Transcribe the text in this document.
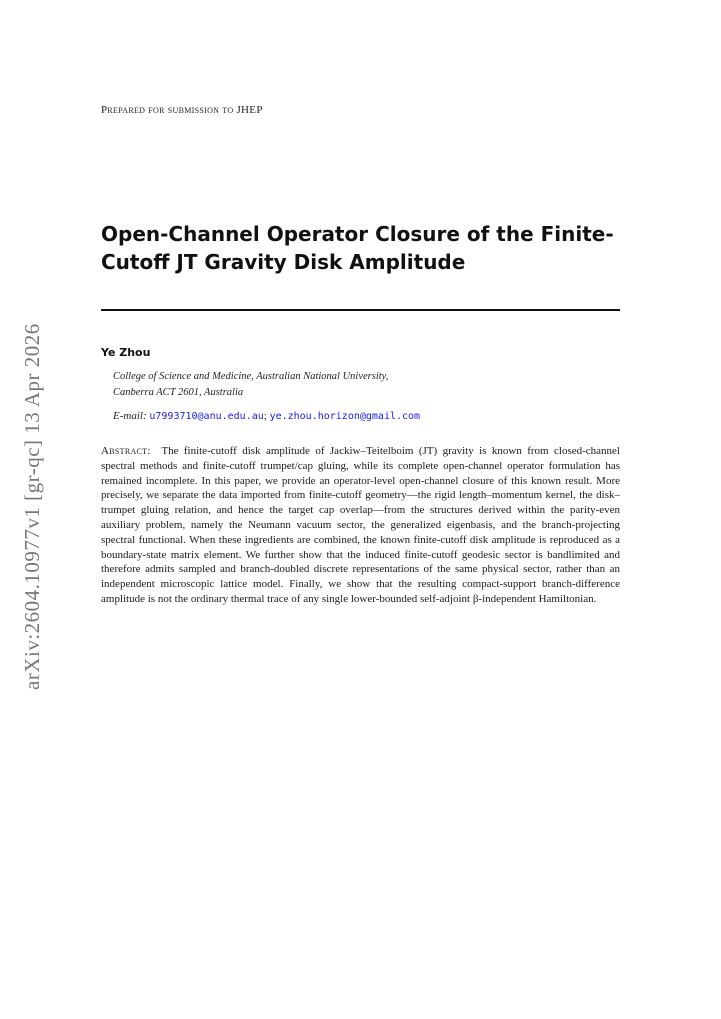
Prepared for submission to JHEP
Open-Channel Operator Closure of the Finite-Cutoff JT Gravity Disk Amplitude
Ye Zhou
College of Science and Medicine, Australian National University,
Canberra ACT 2601, Australia
E-mail: u7993710@anu.edu.au; ye.zhou.horizon@gmail.com
Abstract: The finite-cutoff disk amplitude of Jackiw–Teitelboim (JT) gravity is known from closed-channel spectral methods and finite-cutoff trumpet/cap gluing, while its complete open-channel operator formulation has remained incomplete. In this paper, we provide an operator-level open-channel closure of this known result. More precisely, we separate the data imported from finite-cutoff geometry—the rigid length–momentum kernel, the disk–trumpet gluing relation, and hence the target cap overlap—from the structures derived within the parity-even auxiliary problem, namely the Neumann vacuum sector, the generalized eigenbasis, and the branch-projecting spectral functional. When these ingredients are combined, the known finite-cutoff disk amplitude is reproduced as a boundary-state matrix element. We further show that the induced finite-cutoff geodesic sector is bandlimited and therefore admits sampled and branch-doubled discrete representations of the same physical sector, rather than an independent microscopic lattice model. Finally, we show that the resulting compact-support branch-difference amplitude is not the ordinary thermal trace of any single lower-bounded self-adjoint β-independent Hamiltonian.
arXiv:2604.10977v1 [gr-qc] 13 Apr 2026
